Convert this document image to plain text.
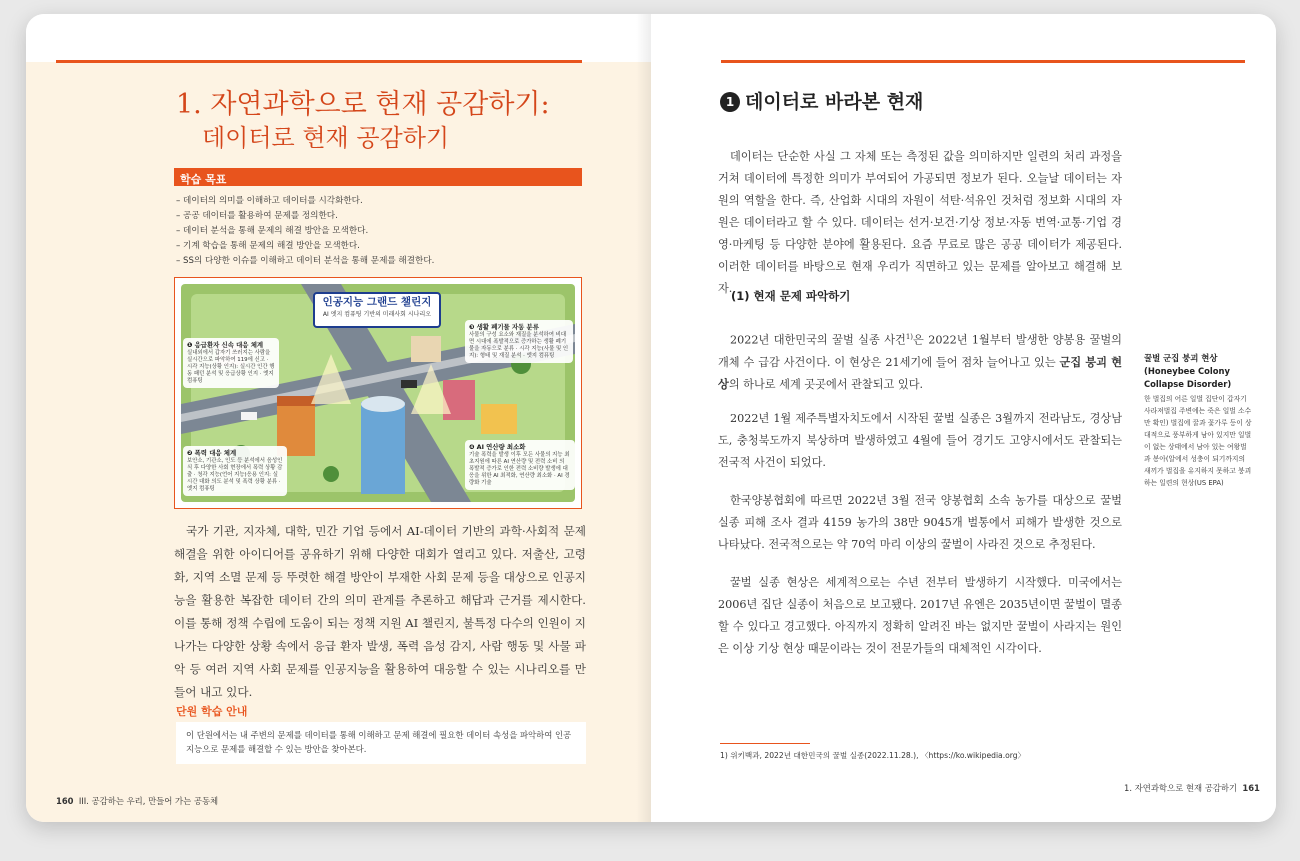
1. 자연과학으로 현재 공감하기:
데이터로 현재 공감하기
학습 목표
– 데이터의 의미를 이해하고 데이터를 시각화한다.
– 공공 데이터를 활용하여 문제를 정의한다.
– 데이터 분석을 통해 문제의 해결 방안을 모색한다.
– 기계 학습을 통해 문제의 해결 방안을 모색한다.
– SS의 다양한 이슈를 이해하고 데이터 분석을 통해 문제를 해결한다.
인공지능 그랜드 챌린지
AI 엣지 컴퓨팅 기반의 미래사회 시나리오
❶ 응급환자 신속 대응 체계
실내외에서 갑자기 쓰러지는 사람을 실시간으로 파악하여 119에 신고 · 시각 지능(상황 인지): 실시간 인간 행동 패턴 분석 및 응급상황 인지 · 엣지 컴퓨팅
❷ 폭력 대응 체계
보안소, 기관소, 인도 등 분석에서 음성인식 후 다양한 사회 현장에서 폭력 상황 감출 · 청각 지능(언어 지능)응용 인지: 실시간 대화 의도 분석 및 폭력 상황 분류 · 엣지 컴퓨팅
❸ 생활 폐기물 자동 분류
사물의 구성 요소와 재질을 분석하여 비대면 시대에 폭발적으로 증가하는 생활 폐기물을 자동으로 분류 · 시각 지능(사물 및 인지): 형태 및 재질 분석 · 엣지 컴퓨팅
❹ AI 연산량 최소화
기술 폭력을 발생 이후 모든 사물의 지능 최초지원에 따른 AI 연산량 및 전력 소비 의 폭발적 증가로 인한 전력 소비량 발생에 대응을 위한 AI 최적화, 연산량 최소화 · AI 경량화 기술

국가 기관, 지자체, 대학, 민간 기업 등에서 AI-데이터 기반의 과학·사회적 문제 해결을 위한 아이디어를 공유하기 위해 다양한 대회가 열리고 있다. 저출산, 고령화, 지역 소멸 문제 등 뚜렷한 해결 방안이 부재한 사회 문제 등을 대상으로 인공지능을 활용한 복잡한 데이터 간의 의미 관계를 추론하고 해답과 근거를 제시한다. 이를 통해 정책 수립에 도움이 되는 정책 지원 AI 챌린지, 불특정 다수의 인원이 지나가는 다양한 상황 속에서 응급 환자 발생, 폭력 음성 감지, 사람 행동 및 사물 파악 등 여러 지역 사회 문제를 인공지능을 활용하여 대응할 수 있는 시나리오를 만들어 내고 있다.

단원 학습 안내
이 단원에서는 내 주변의 문제를 데이터를 통해 이해하고 문제 해결에 필요한 데이터 속성을 파악하여 인공지능으로 문제를 해결할 수 있는 방안을 찾아본다.
160 III. 공감하는 우리, 만들어 가는 공동체
1 데이터로 바라본 현재

데이터는 단순한 사실 그 자체 또는 측정된 값을 의미하지만 일련의 처리 과정을 거쳐 데이터에 특정한 의미가 부여되어 가공되면 정보가 된다. 오늘날 데이터는 자원의 역할을 한다. 즉, 산업화 시대의 자원이 석탄·석유인 것처럼 정보화 시대의 자원은 데이터라고 할 수 있다. 데이터는 선거·보건·기상 정보·자동 번역·교통·기업 경영·마케팅 등 다양한 분야에 활용된다. 요즘 무료로 많은 공공 데이터가 제공된다. 이러한 데이터를 바탕으로 현재 우리가 직면하고 있는 문제를 알아보고 해결해 보자.

(1) 현재 문제 파악하기

2022년 대한민국의 꿀벌 실종 사건$^{1)}$은 2022년 1월부터 발생한 양봉용 꿀벌의 개체 수 급감 사건이다. 이 현상은 21세기에 들어 점차 늘어나고 있는 군집 붕괴 현상의 하나로 세계 곳곳에서 관찰되고 있다.

2022년 1월 제주특별자치도에서 시작된 꿀벌 실종은 3월까지 전라남도, 경상남도, 충청북도까지 북상하며 발생하였고 4월에 들어 경기도 고양시에서도 관찰되는 전국적 사건이 되었다.

한국양봉협회에 따르면 2022년 3월 전국 양봉협회 소속 농가를 대상으로 꿀벌 실종 피해 조사 결과 4159 농가의 38만 9045개 벌통에서 피해가 발생한 것으로 나타났다. 전국적으로는 약 70억 마리 이상의 꿀벌이 사라진 것으로 추정된다.

꿀벌 실종 현상은 세계적으로는 수년 전부터 발생하기 시작했다. 미국에서는 2006년 집단 실종이 처음으로 보고됐다. 2017년 유엔은 2035년이면 꿀벌이 멸종할 수 있다고 경고했다. 아직까지 정확히 알려진 바는 없지만 꿀벌이 사라지는 원인은 이상 기상 현상 때문이라는 것이 전문가들의 대체적인 시각이다.

꿀벌 군집 붕괴 현상 (Honeybee Colony Collapse Disorder)
한 벌집의 어른 일벌 집단이 갑자기 사라져벌집 주변에는 죽은 일벌 소수만 확인) 벌집에 꿀과 꽃가루 등이 상대적으로 풍부하게 남아 있지만 일벌이 없는 상태에서 남아 있는 여왕벌과 봉아(알에서 성충이 되기까지의 새끼가 벌집을 유지하지 못하고 붕괴하는 일련의 현상(US EPA)
1) 위키백과, 2022년 대한민국의 꿀벌 실종(2022.11.28.), 〈https://ko.wikipedia.org〉
1. 자연과학으로 현재 공감하기 161
